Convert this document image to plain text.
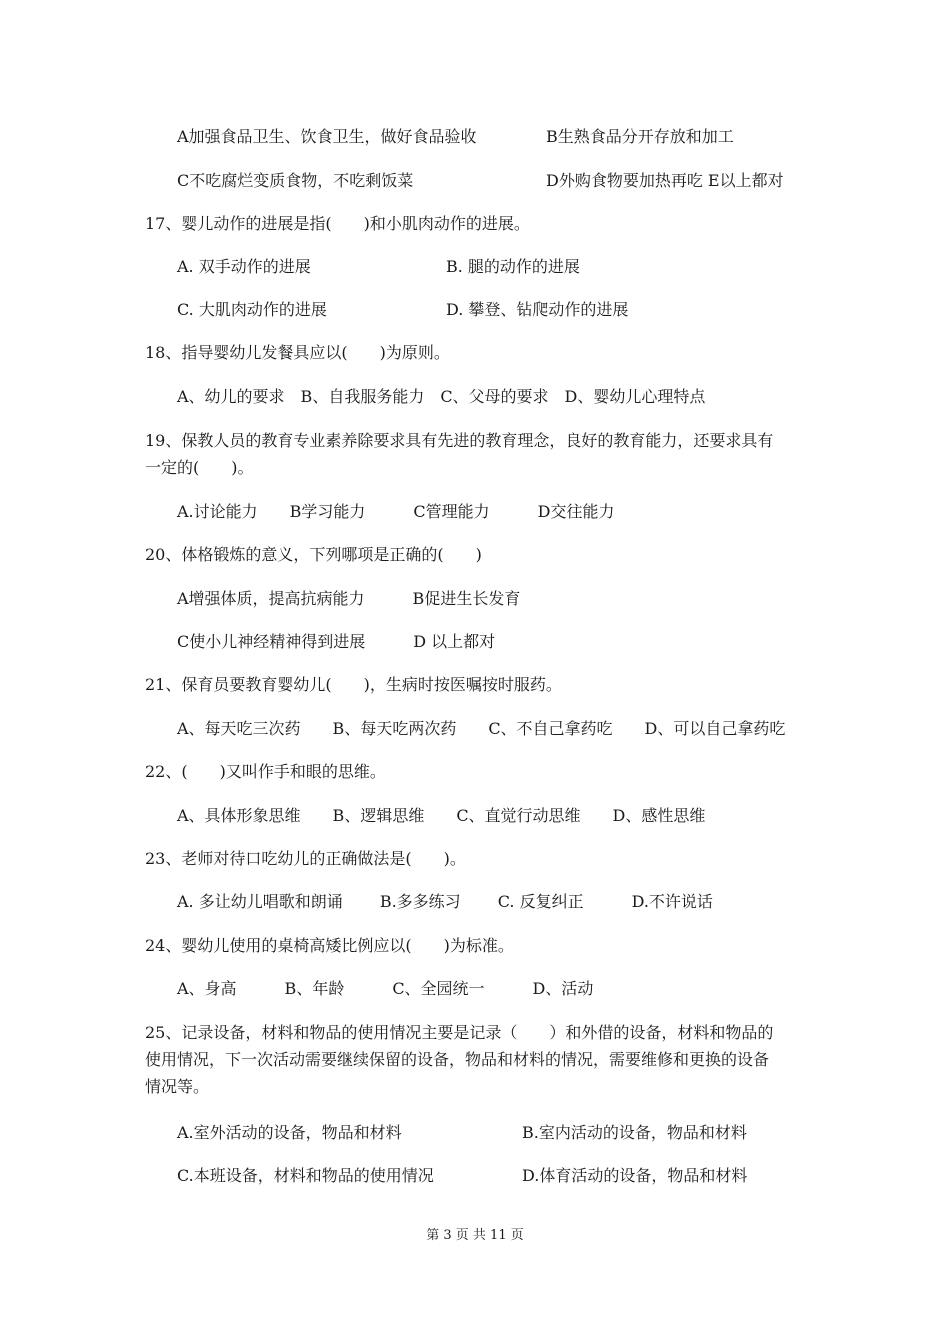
A加强食品卫生、饮食卫生，做好食品验收	B生熟食品分开存放和加工
C不吃腐烂变质食物，不吃剩饭菜	D外购食物要加热再吃 E以上都对
17、婴儿动作的进展是指(　　)和小肌肉动作的进展。
A. 双手动作的进展	B. 腿的动作的进展
C. 大肌肉动作的进展	D. 攀登、钻爬动作的进展
18、指导婴幼儿发餐具应以(　　)为原则。
A、幼儿的要求　B、自我服务能力　C、父母的要求　D、婴幼儿心理特点
19、保教人员的教育专业素养除要求具有先进的教育理念，良好的教育能力，还要求具有
一定的(　　)。
A.讨论能力　　B学习能力　　　C管理能力　　　D交往能力
20、体格锻炼的意义，下列哪项是正确的(　　)
A增强体质，提高抗病能力　　　B促进生长发育
C使小儿神经精神得到进展　　　D 以上都对
21、保育员要教育婴幼儿(　　)，生病时按医嘱按时服药。
A、每天吃三次药　　B、每天吃两次药　　C、不自己拿药吃　　D、可以自己拿药吃
22、(　　)又叫作手和眼的思维。
A、具体形象思维　　B、逻辑思维　　C、直觉行动思维　　D、感性思维
23、老师对待口吃幼儿的正确做法是(　　)。
A. 多让幼儿唱歌和朗诵　　 B.多多练习　　 C. 反复纠正　　　D.不许说话
24、婴幼儿使用的桌椅高矮比例应以(　　)为标准。
A、身高　　　B、年龄　　　C、全园统一　　　D、活动
25、记录设备，材料和物品的使用情况主要是记录（　　）和外借的设备，材料和物品的
使用情况，下一次活动需要继续保留的设备，物品和材料的情况，需要维修和更换的设备
情况等。
A.室外活动的设备，物品和材料	B.室内活动的设备，物品和材料
C.本班设备，材料和物品的使用情况	D.体育活动的设备，物品和材料
第 3 页 共 11 页
